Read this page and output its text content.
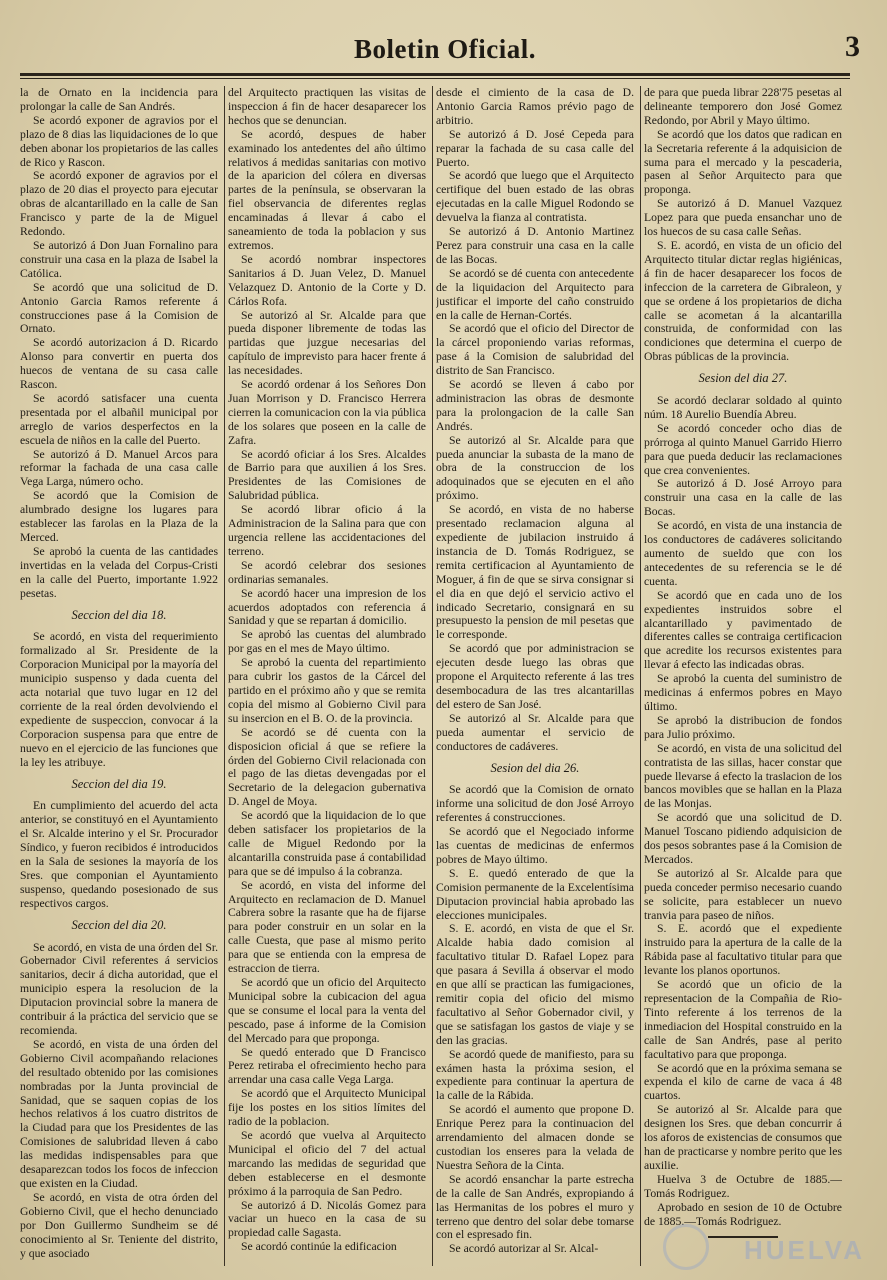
Boletin Oficial.	3

la de Ornato en la incidencia para prolongar la calle de San Andrés.

Se acordó exponer de agravios por el plazo de 8 dias las liquidaciones de lo que deben abonar los propietarios de las calles de Rico y Rascon.

Se acordó exponer de agravios por el plazo de 20 dias el proyecto para ejecutar obras de alcantarillado en la calle de San Francisco y parte de la de Miguel Redondo.

Se autorizó á Don Juan Fornalino para construir una casa en la plaza de Isabel la Católica.

Se acordó que una solicitud de D. Antonio Garcia Ramos referente á construcciones pase á la Comision de Ornato.

Se acordó autorizacion á D. Ricardo Alonso para convertir en puerta dos huecos de ventana de su casa calle Rascon.

Se acordó satisfacer una cuenta presentada por el albañil municipal por arreglo de varios desperfectos en la escuela de niños en la calle del Puerto.

Se autorizó á D. Manuel Arcos para reformar la fachada de una casa calle Vega Larga, número ocho.

Se acordó que la Comision de alumbrado designe los lugares para establecer las farolas en la Plaza de la Merced.

Se aprobó la cuenta de las cantidades invertidas en la velada del Corpus-Cristi en la calle del Puerto, importante 1.922 pesetas.

Seccion del dia 18.

Se acordó, en vista del requerimiento formalizado al Sr. Presidente de la Corporacion Municipal por la mayoría del municipio suspenso y dada cuenta del acta notarial que tuvo lugar en 12 del corriente de la real órden devolviendo el expediente de suspeccion, convocar á la Corporacion suspensa para que entre de nuevo en el ejercicio de las funciones que la ley les atribuye.

Seccion del dia 19.

En cumplimiento del acuerdo del acta anterior, se constituyó en el Ayuntamiento el Sr. Alcalde interino y el Sr. Procurador Síndico, y fueron recibidos é introducidos en la Sala de sesiones la mayoría de los Sres. que componian el Ayuntamiento suspenso, quedando posesionado de sus respectivos cargos.

Seccion del dia 20.

Se acordó, en vista de una órden del Sr. Gobernador Civil referentes á servicios sanitarios, decir á dicha autoridad, que el municipio espera la resolucion de la Diputacion provincial sobre la manera de contribuir á la práctica del servicio que se recomienda.

Se acordó, en vista de una órden del Gobierno Civil acompañando relaciones del resultado obtenido por las comisiones nombradas por la Junta provincial de Sanidad, que se saquen copias de los hechos relativos á los cuatro distritos de la Ciudad para que los Presidentes de las Comisiones de salubridad lleven á cabo las medidas indispensables para que desaparezcan todos los focos de infeccion que existen en la Ciudad.

Se acordó, en vista de otra órden del Gobierno Civil, que el hecho denunciado por Don Guillermo Sundheim se dé conocimiento al Sr. Teniente del distrito, y que asociado

del Arquitecto practiquen las visitas de inspeccion á fin de hacer desaparecer los hechos que se denuncian.

Se acordó, despues de haber examinado los antedentes del año último relativos á medidas sanitarias con motivo de la aparicion del cólera en diversas partes de la península, se observaran la fiel observancia de diferentes reglas encaminadas á llevar á cabo el saneamiento de toda la poblacion y sus extremos.

Se acordó nombrar inspectores Sanitarios á D. Juan Velez, D. Manuel Velazquez D. Antonio de la Corte y D. Cárlos Rofa.

Se autorizó al Sr. Alcalde para que pueda disponer libremente de todas las partidas que juzgue necesarias del capítulo de imprevisto para hacer frente á las necesidades.

Se acordó ordenar á los Señores Don Juan Morrison y D. Francisco Herrera cierren la comunicacion con la via pública de los solares que poseen en la calle de Zafra.

Se acordó oficiar á los Sres. Alcaldes de Barrio para que auxilien á los Sres. Presidentes de las Comisiones de Salubridad pública.

Se acordó librar oficio á la Administracion de la Salina para que con urgencia rellene las accidentaciones del terreno.

Se acordó celebrar dos sesiones ordinarias semanales.

Se acordó hacer una impresion de los acuerdos adoptados con referencia á Sanidad y que se repartan á domicilio.

Se aprobó las cuentas del alumbrado por gas en el mes de Mayo último.

Se aprobó la cuenta del repartimiento para cubrir los gastos de la Cárcel del partido en el próximo año y que se remita copia del mismo al Gobierno Civil para su insercion en el B. O. de la provincia.

Se acordó se dé cuenta con la disposicion oficial á que se refiere la órden del Gobierno Civil relacionada con el pago de las dietas devengadas por el Secretario de la delegacion gubernativa D. Angel de Moya.

Se acordó que la liquidacion de lo que deben satisfacer los propietarios de la calle de Miguel Redondo por la alcantarilla construida pase á contabilidad para que se dé impulso á la cobranza.

Se acordó, en vista del informe del Arquitecto en reclamacion de D. Manuel Cabrera sobre la rasante que ha de fijarse para poder construir en un solar en la calle Cuesta, que pase al mismo perito para que se entienda con la empresa de estraccion de tierra.

Se acordó que un oficio del Arquitecto Municipal sobre la cubicacion del agua que se consume el local para la venta del pescado, pase á informe de la Comision del Mercado para que proponga.

Se quedó enterado que D Francisco Perez retiraba el ofrecimiento hecho para arrendar una casa calle Vega Larga.

Se acordó que el Arquitecto Municipal fije los postes en los sitios límites del radio de la poblacion.

Se acordó que vuelva al Arquitecto Municipal el oficio del 7 del actual marcando las medidas de seguridad que deben establecerse en el desmonte próximo á la parroquia de San Pedro.

Se autorizó á D. Nicolás Gomez para vaciar un hueco en la casa de su propiedad calle Sagasta.

Se acordó continúe la edificacion

desde el cimiento de la casa de D. Antonio Garcia Ramos prévio pago de arbitrio.

Se autorizó á D. José Cepeda para reparar la fachada de su casa calle del Puerto.

Se acordó que luego que el Arquitecto certifique del buen estado de las obras ejecutadas en la calle Miguel Rodondo se devuelva la fianza al contratista.

Se autorizó á D. Antonio Martinez Perez para construir una casa en la calle de las Bocas.

Se acordó se dé cuenta con antecedente de la liquidacion del Arquitecto para justificar el importe del caño construido en la calle de Hernan-Cortés.

Se acordó que el oficio del Director de la cárcel proponiendo varias reformas, pase á la Comision de salubridad del distrito de San Francisco.

Se acordó se lleven á cabo por administracion las obras de desmonte para la prolongacion de la calle San Andrés.

Se autorizó al Sr. Alcalde para que pueda anunciar la subasta de la mano de obra de la construccion de los adoquinados que se ejecuten en el año próximo.

Se acordó, en vista de no haberse presentado reclamacion alguna al expediente de jubilacion instruido á instancia de D. Tomás Rodriguez, se remita certificacion al Ayuntamiento de Moguer, á fin de que se sirva consignar si el dia en que dejó el servicio activo el indicado Secretario, consignará en su presupuesto la pension de mil pesetas que le corresponde.

Se acordó que por administracion se ejecuten desde luego las obras que propone el Arquitecto referente á las tres desembocadura de las tres alcantarillas del estero de San José.

Se autorizó al Sr. Alcalde para que pueda aumentar el servicio de conductores de cadáveres.

Sesion del dia 26.

Se acordó que la Comision de ornato informe una solicitud de don José Arroyo referentes á construcciones.

Se acordó que el Negociado informe las cuentas de medicinas de enfermos pobres de Mayo último.

S. E. quedó enterado de que la Comision permanente de la Excelentísima Diputacion provincial habia aprobado las elecciones municipales.

S. E. acordó, en vista de que el Sr. Alcalde habia dado comision al facultativo titular D. Rafael Lopez para que pasara á Sevilla á observar el modo en que allí se practican las fumigaciones, remitir copia del oficio del mismo facultativo al Señor Gobernador civil, y que se satisfagan los gastos de viaje y se den las gracias.

Se acordó quede de manifiesto, para su exámen hasta la próxima sesion, el expediente para continuar la apertura de la calle de la Rábida.

Se acordó el aumento que propone D. Enrique Perez para la continuacion del arrendamiento del almacen donde se custodian los enseres para la velada de Nuestra Señora de la Cinta.

Se acordó ensanchar la parte estrecha de la calle de San Andrés, expropiando á las Hermanitas de los pobres el muro y terreno que dentro del solar debe tomarse con el espresado fin.

Se acordó autorizar al Sr. Alcal-

de para que pueda librar 228'75 pesetas al delineante temporero don José Gomez Redondo, por Abril y Mayo último.

Se acordó que los datos que radican en la Secretaria referente á la adquisicion de suma para el mercado y la pescaderia, pasen al Señor Arquitecto para que proponga.

Se autorizó á D. Manuel Vazquez Lopez para que pueda ensanchar uno de los huecos de su casa calle Señas.

S. E. acordó, en vista de un oficio del Arquitecto titular dictar reglas higiénicas, á fin de hacer desaparecer los focos de infeccion de la carretera de Gibraleon, y que se ordene á los propietarios de dicha calle se acometan á la alcantarilla construida, de conformidad con las condiciones que determina el cuerpo de Obras públicas de la provincia.

Sesion del dia 27.

Se acordó declarar soldado al quinto núm. 18 Aurelio Buendía Abreu.

Se acordó conceder ocho dias de prórroga al quinto Manuel Garrido Hierro para que pueda deducir las reclamaciones que crea convenientes.

Se autorizó á D. José Arroyo para construir una casa en la calle de las Bocas.

Se acordó, en vista de una instancia de los conductores de cadáveres solicitando aumento de sueldo que con los antecedentes de su referencia se le dé cuenta.

Se acordó que en cada uno de los expedientes instruidos sobre el alcantarillado y pavimentado de diferentes calles se contraiga certificacion que acredite los recursos existentes para llevar á efecto las indicadas obras.

Se aprobó la cuenta del suministro de medicinas á enfermos pobres en Mayo último.

Se aprobó la distribucion de fondos para Julio próximo.

Se acordó, en vista de una solicitud del contratista de las sillas, hacer constar que puede llevarse á efecto la traslacion de los bancos movibles que se hallan en la Plaza de las Monjas.

Se acordó que una solicitud de D. Manuel Toscano pidiendo adquisicion de dos pesos sobrantes pase á la Comision de Mercados.

Se autorizó al Sr. Alcalde para que pueda conceder permiso necesario cuando se solicite, para establecer un nuevo tranvia para paseo de niños.

S. E. acordó que el expediente instruido para la apertura de la calle de la Rábida pase al facultativo titular para que levante los planos oportunos.

Se acordó que un oficio de la representacion de la Compañia de Rio-Tinto referente á los terrenos de la inmediacion del Hospital construido en la calle de San Andrés, pase al perito facultativo para que proponga.

Se acordó que en la próxima semana se expenda el kilo de carne de vaca á 48 cuartos.

Se autorizó al Sr. Alcalde para que designen los Sres. que deban concurrir á los aforos de existencias de consumos que han de practicarse y nombre perito que les auxilie.

Huelva 3 de Octubre de 1885.— Tomás Rodriguez.

Aprobado en sesion de 10 de Octubre de 1885.—Tomás Rodriguez.

HUELVA
